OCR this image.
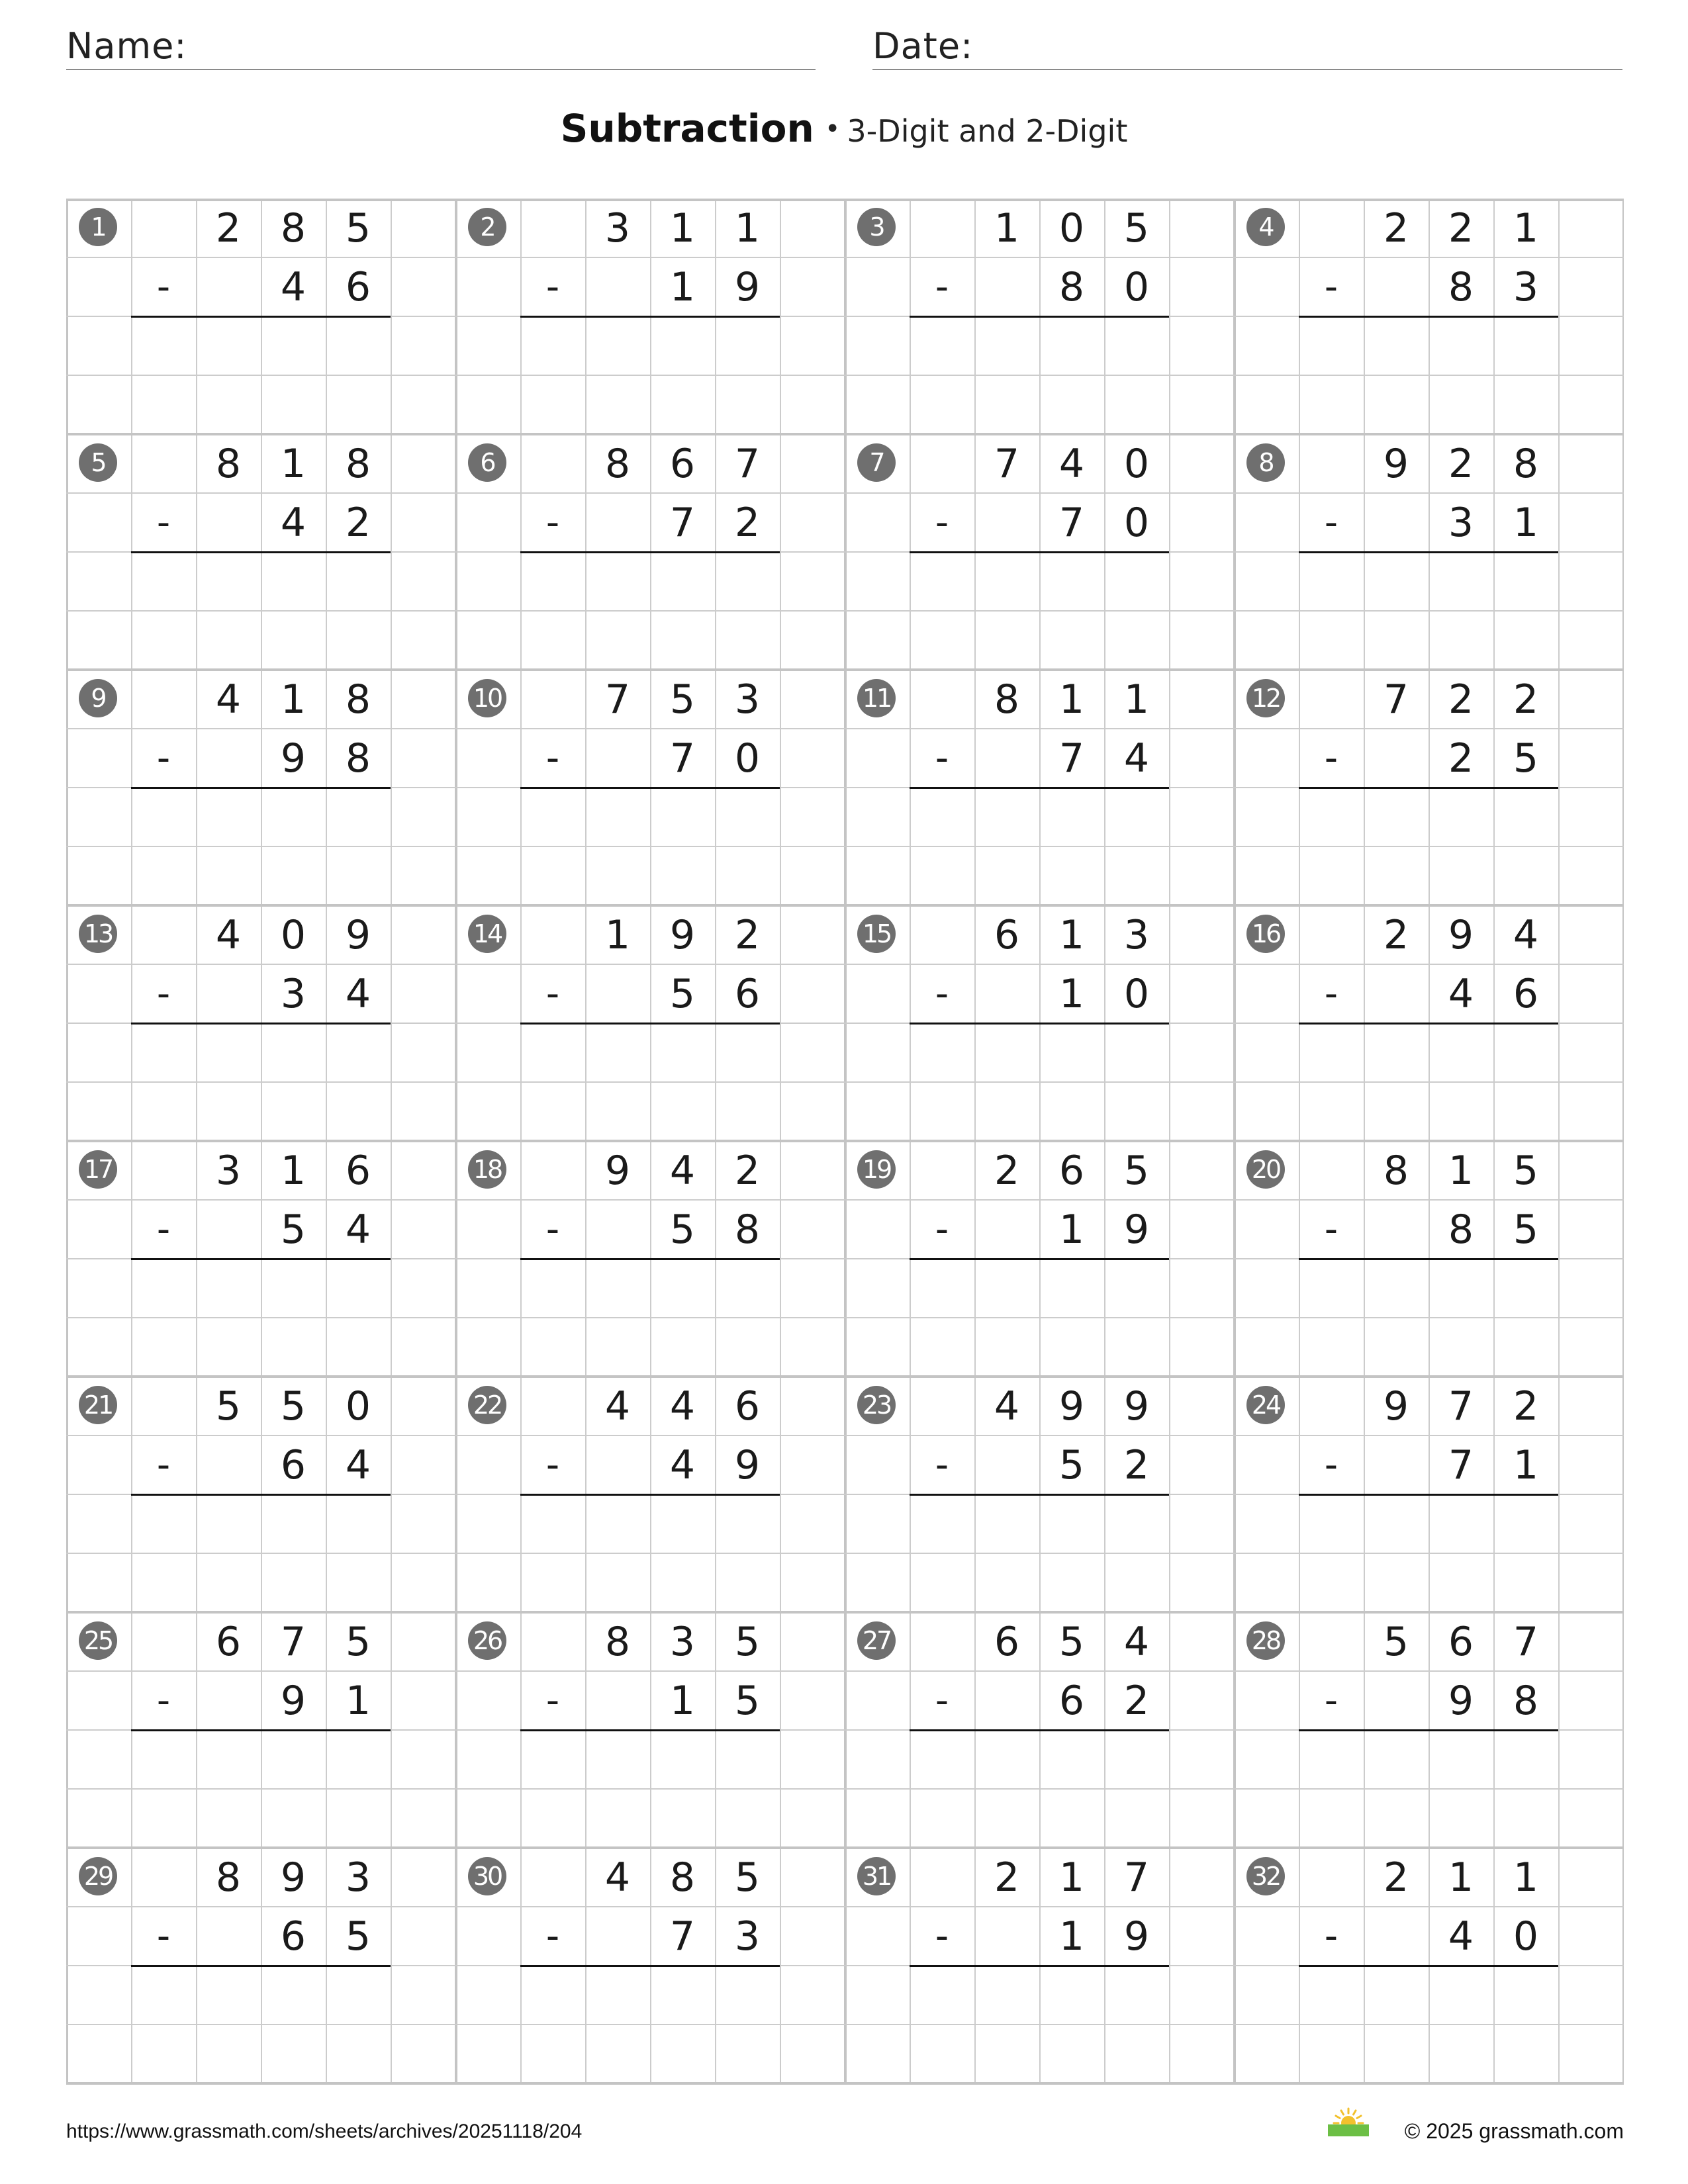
Name:	Date:
Subtraction • 3-Digit and 2-Digit
1	2 8 5
-	4 6
2	3 1 1
-	1 9
3	1 0 5
-	8 0
4	2 2 1
-	8 3
5	8 1 8
-	4 2
6	8 6 7
-	7 2
7	7 4 0
-	7 0
8	9 2 8
-	3 1
9	4 1 8
-	9 8
10	7 5 3
-	7 0
11	8 1 1
-	7 4
12	7 2 2
-	2 5
13	4 0 9
-	3 4
14	1 9 2
-	5 6
15	6 1 3
-	1 0
16	2 9 4
-	4 6
17	3 1 6
-	5 4
18	9 4 2
-	5 8
19	2 6 5
-	1 9
20	8 1 5
-	8 5
21	5 5 0
-	6 4
22	4 4 6
-	4 9
23	4 9 9
-	5 2
24	9 7 2
-	7 1
25	6 7 5
-	9 1
26	8 3 5
-	1 5
27	6 5 4
-	6 2
28	5 6 7
-	9 8
29	8 9 3
-	6 5
30	4 8 5
-	7 3
31	2 1 7
-	1 9
32	2 1 1
-	4 0
https://www.grassmath.com/sheets/archives/20251118/204	© 2025 grassmath.com
